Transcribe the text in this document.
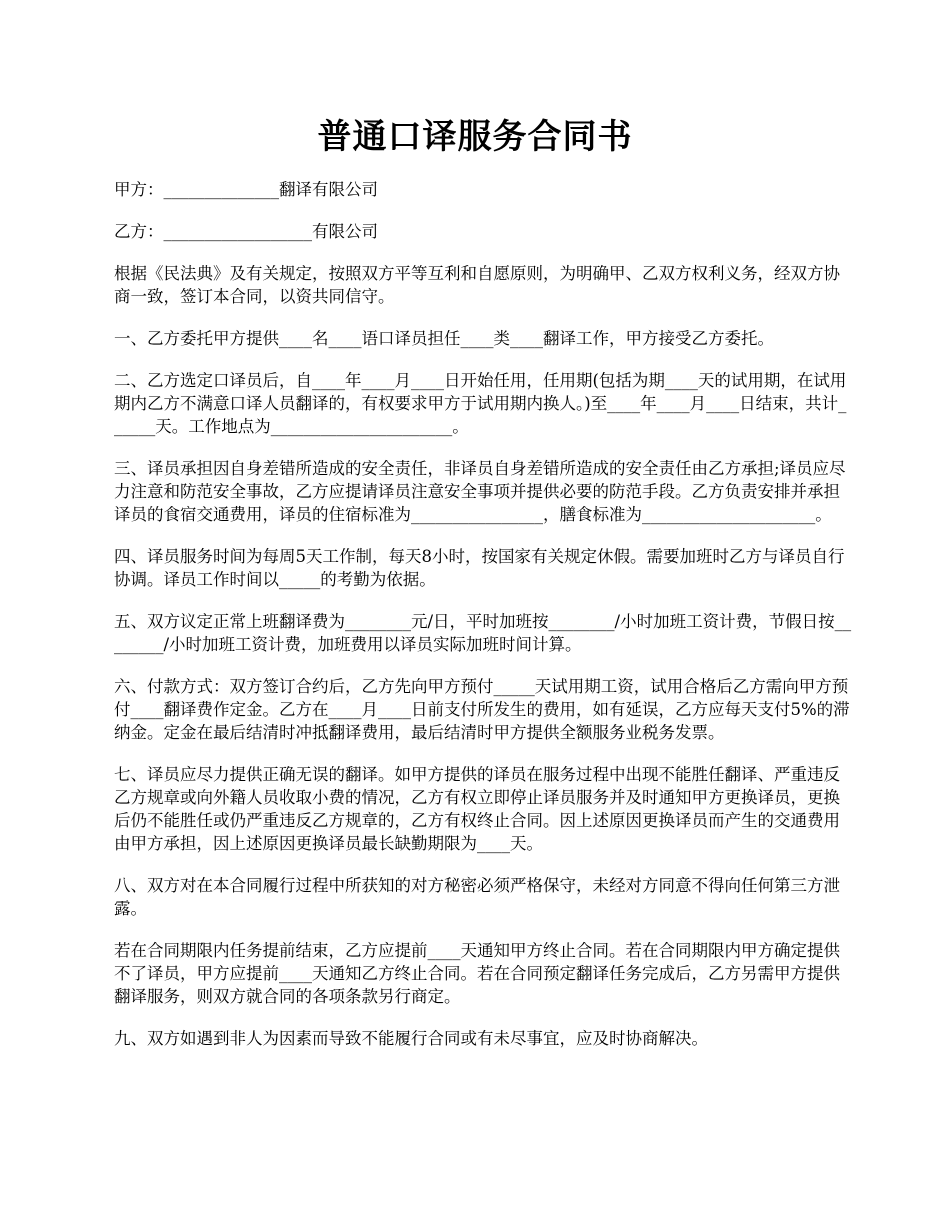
普通口译服务合同书

甲方：______________翻译有限公司

乙方：__________________有限公司

根据《民法典》及有关规定，按照双方平等互利和自愿原则，为明确甲、乙双方权利义务，经双方协商一致，签订本合同，以资共同信守。

一、乙方委托甲方提供____名____语口译员担任____类____翻译工作，甲方接受乙方委托。

二、乙方选定口译员后，自____年____月____日开始任用，任用期(包括为期____天的试用期，在试用期内乙方不满意口译人员翻译的，有权要求甲方于试用期内换人。)至____年____月____日结束，共计______天。工作地点为______________________。

三、译员承担因自身差错所造成的安全责任，非译员自身差错所造成的安全责任由乙方承担;译员应尽力注意和防范安全事故，乙方应提请译员注意安全事项并提供必要的防范手段。乙方负责安排并承担译员的食宿交通费用，译员的住宿标准为________________，膳食标准为_____________________。

四、译员服务时间为每周5天工作制，每天8小时，按国家有关规定休假。需要加班时乙方与译员自行协调。译员工作时间以_____的考勤为依据。

五、双方议定正常上班翻译费为________元/日，平时加班按________/小时加班工资计费，节假日按________/小时加班工资计费，加班费用以译员实际加班时间计算。

六、付款方式：双方签订合约后，乙方先向甲方预付_____天试用期工资，试用合格后乙方需向甲方预付____翻译费作定金。乙方在____月____日前支付所发生的费用，如有延误，乙方应每天支付5%的滞纳金。定金在最后结清时冲抵翻译费用，最后结清时甲方提供全额服务业税务发票。

七、译员应尽力提供正确无误的翻译。如甲方提供的译员在服务过程中出现不能胜任翻译、严重违反乙方规章或向外籍人员收取小费的情况，乙方有权立即停止译员服务并及时通知甲方更换译员，更换后仍不能胜任或仍严重违反乙方规章的，乙方有权终止合同。因上述原因更换译员而产生的交通费用由甲方承担，因上述原因更换译员最长缺勤期限为____天。

八、双方对在本合同履行过程中所获知的对方秘密必须严格保守，未经对方同意不得向任何第三方泄露。

若在合同期限内任务提前结束，乙方应提前____天通知甲方终止合同。若在合同期限内甲方确定提供不了译员，甲方应提前____天通知乙方终止合同。若在合同预定翻译任务完成后，乙方另需甲方提供翻译服务，则双方就合同的各项条款另行商定。

九、双方如遇到非人为因素而导致不能履行合同或有未尽事宜，应及时协商解决。
